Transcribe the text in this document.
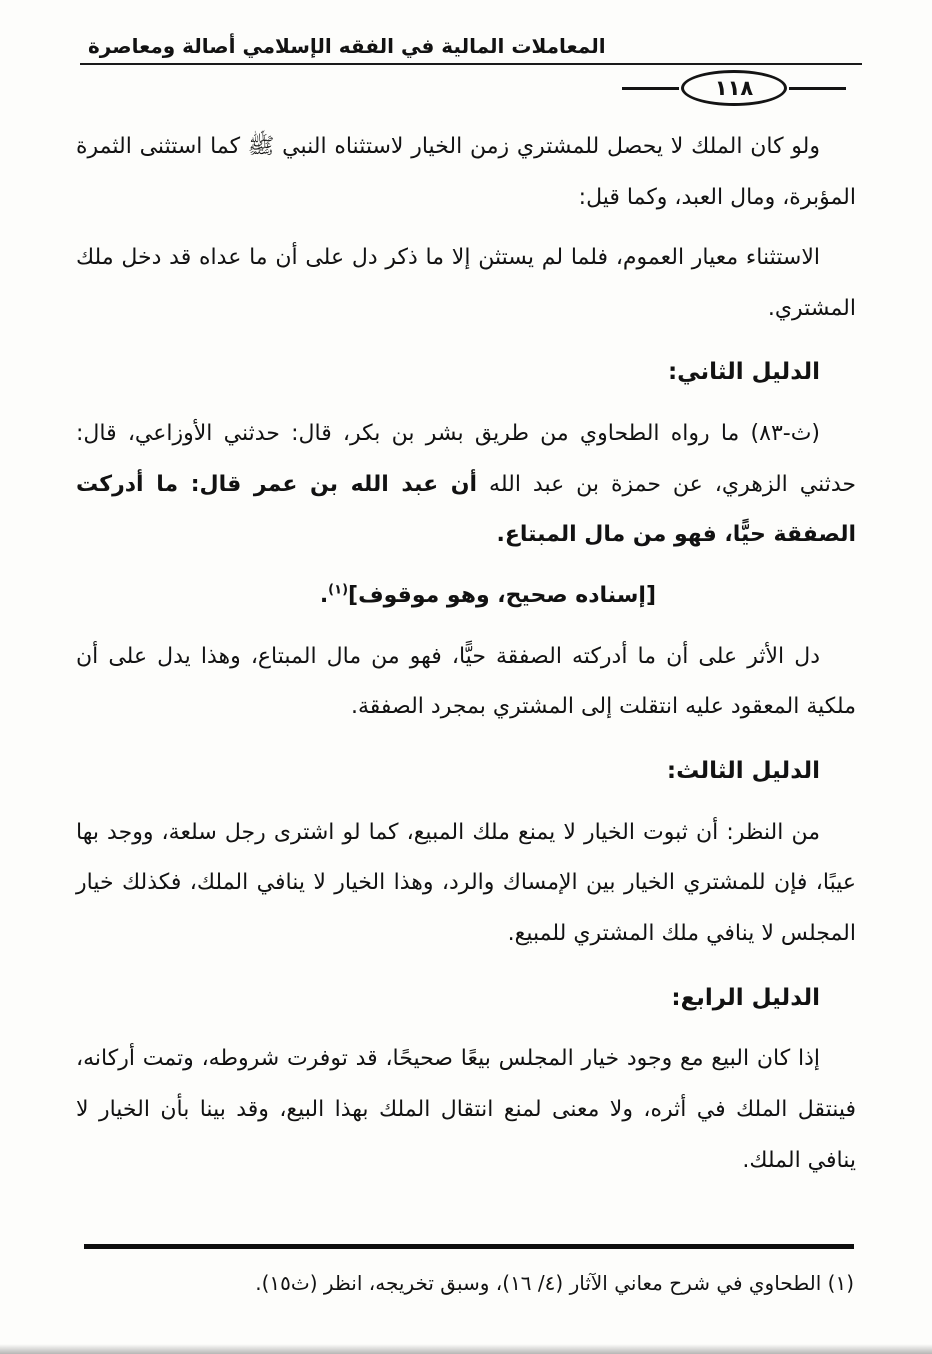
المعاملات المالية في الفقه الإسلامي أصالة ومعاصرة
١١٨

ولو كان الملك لا يحصل للمشتري زمن الخيار لاستثناه النبي ﷺ كما استثنى الثمرة المؤبرة، ومال العبد، وكما قيل:

الاستثناء معيار العموم، فلما لم يستثن إلا ما ذكر دل على أن ما عداه قد دخل ملك المشتري.

الدليل الثاني:

(ث-٨٣) ما رواه الطحاوي من طريق بشر بن بكر، قال: حدثني الأوزاعي، قال: حدثني الزهري، عن حمزة بن عبد الله أن عبد الله بن عمر قال: ما أدركت الصفقة حيًّا، فهو من مال المبتاع.

[إسناده صحيح، وهو موقوف]$^{(١)}$.

دل الأثر على أن ما أدركته الصفقة حيًّا، فهو من مال المبتاع، وهذا يدل على أن ملكية المعقود عليه انتقلت إلى المشتري بمجرد الصفقة.

الدليل الثالث:

من النظر: أن ثبوت الخيار لا يمنع ملك المبيع، كما لو اشترى رجل سلعة، ووجد بها عيبًا، فإن للمشتري الخيار بين الإمساك والرد، وهذا الخيار لا ينافي الملك، فكذلك خيار المجلس لا ينافي ملك المشتري للمبيع.

الدليل الرابع:

إذا كان البيع مع وجود خيار المجلس بيعًا صحيحًا، قد توفرت شروطه، وتمت أركانه، فينتقل الملك في أثره، ولا معنى لمنع انتقال الملك بهذا البيع، وقد بينا بأن الخيار لا ينافي الملك.

(١) الطحاوي في شرح معاني الآثار (٤/ ١٦)، وسبق تخريجه، انظر (ث١٥).
